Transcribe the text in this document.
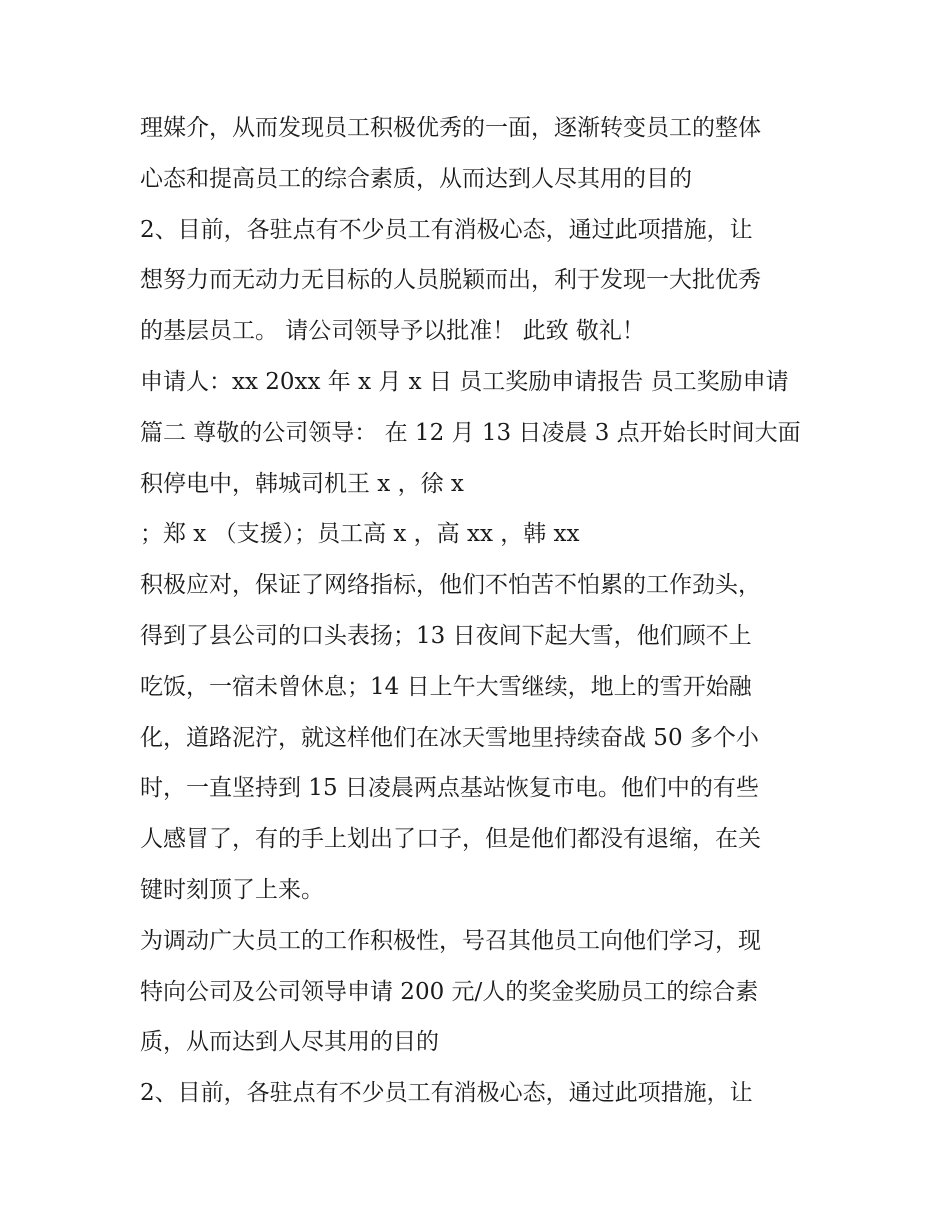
理媒介，从而发现员工积极优秀的一面，逐渐转变员工的整体
心态和提高员工的综合素质，从而达到人尽其用的目的
2、目前，各驻点有不少员工有消极心态，通过此项措施，让
想努力而无动力无目标的人员脱颖而出，利于发现一大批优秀
的基层员工。 请公司领导予以批准！ 此致 敬礼！
申请人：xx 20xx 年 x 月 x 日 员工奖励申请报告 员工奖励申请
篇二 尊敬的公司领导： 在 12 月 13 日凌晨 3 点开始长时间大面
积停电中，韩城司机王 x ，徐 x
；郑 x （支援）；员工高 x ，高 xx ，韩 xx
积极应对，保证了网络指标，他们不怕苦不怕累的工作劲头，
得到了县公司的口头表扬；13 日夜间下起大雪，他们顾不上
吃饭，一宿未曾休息；14 日上午大雪继续，地上的雪开始融
化，道路泥泞，就这样他们在冰天雪地里持续奋战 50 多个小
时，一直坚持到 15 日凌晨两点基站恢复市电。他们中的有些
人感冒了，有的手上划出了口子，但是他们都没有退缩，在关
键时刻顶了上来。
为调动广大员工的工作积极性，号召其他员工向他们学习，现
特向公司及公司领导申请 200 元/人的奖金奖励员工的综合素
质，从而达到人尽其用的目的
2、目前，各驻点有不少员工有消极心态，通过此项措施，让
